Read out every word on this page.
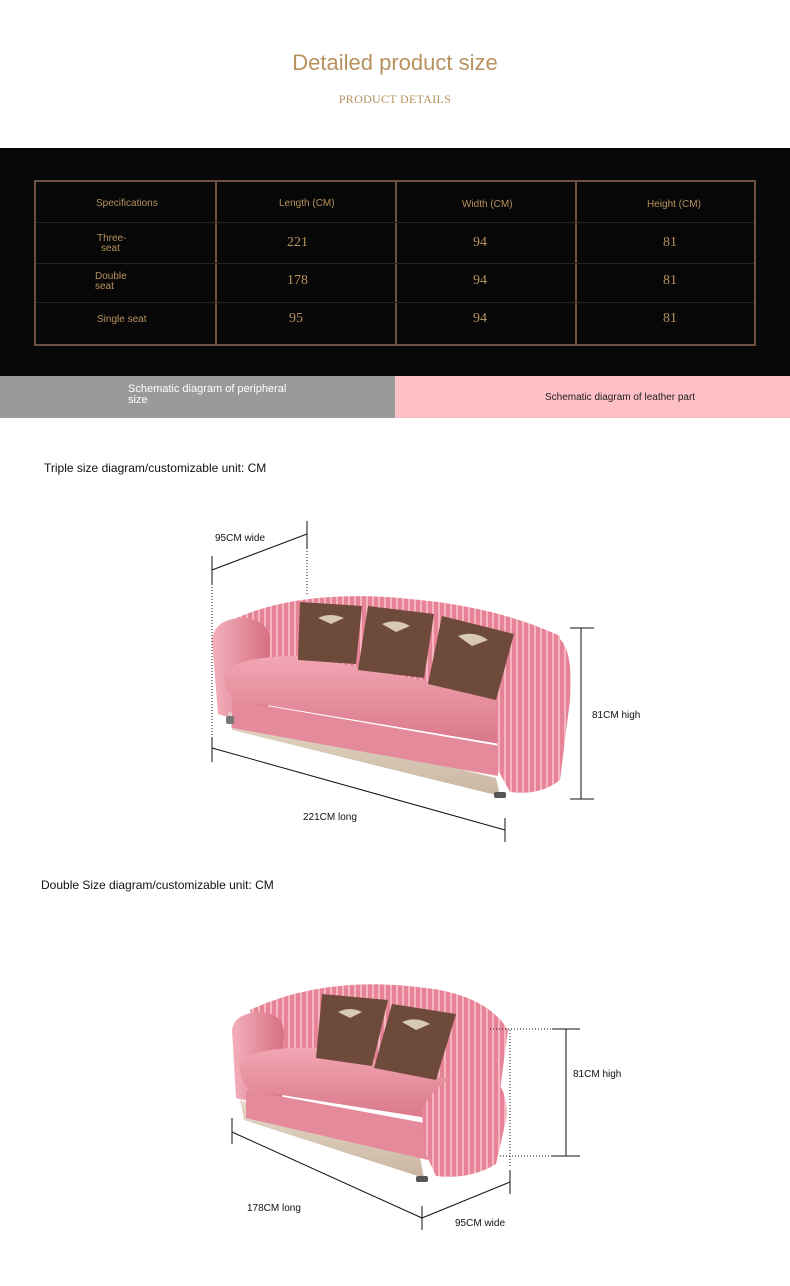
Detailed product size
PRODUCT DETAILS
Specifications	Length (CM)	Width (CM)	Height (CM)
Three-
seat	221	94	81
Double
seat	178	94	81
Single seat	95	94	81
Schematic diagram of peripheral
size	Schematic diagram of leather part
Triple size diagram/customizable unit: CM
Double Size diagram/customizable unit: CM
95CM wide
81CM high
221CM long
81CM high
178CM long
95CM wide
